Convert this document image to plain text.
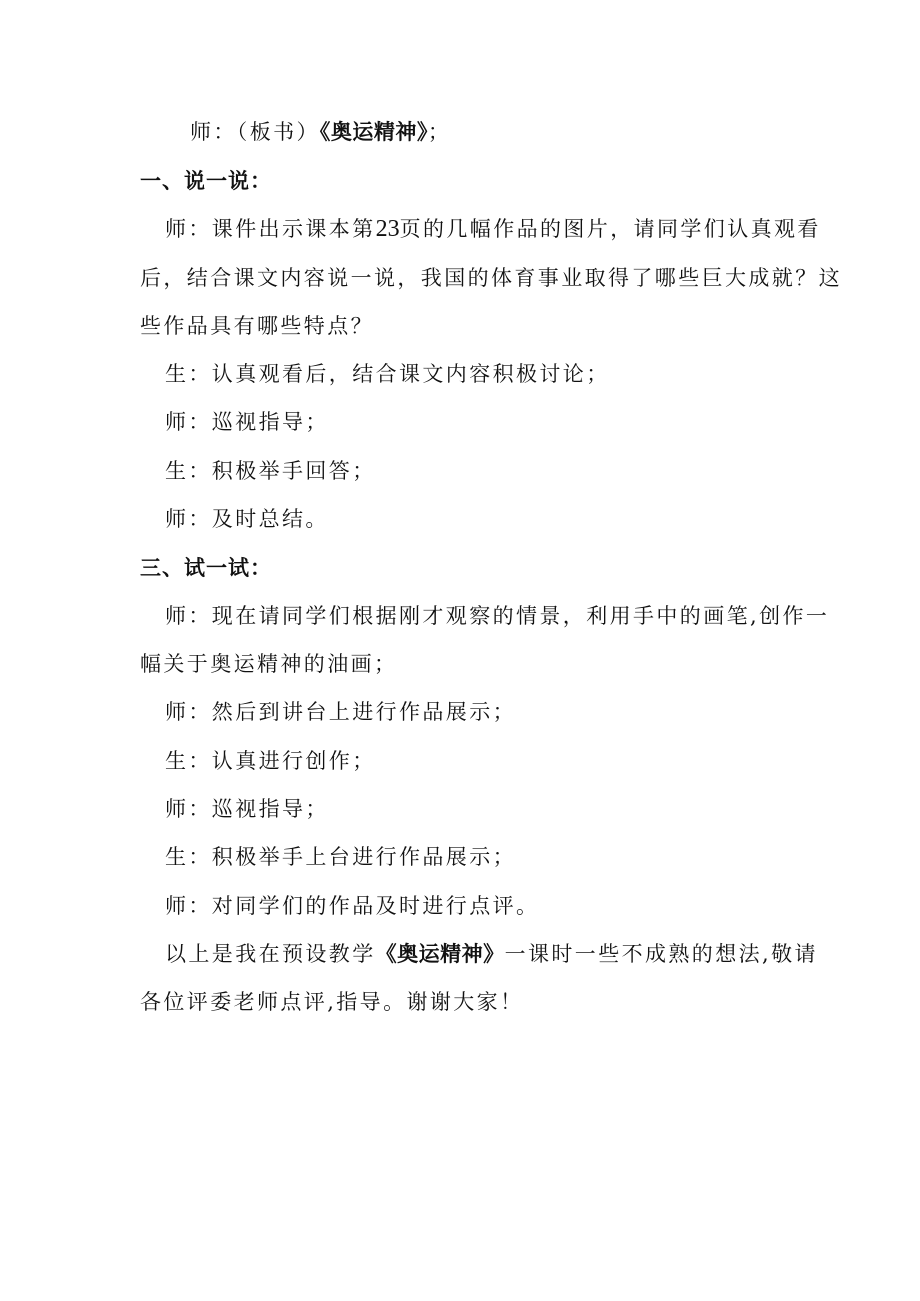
师：（板书）《奥运精神》；
一、说一说：
师：课件出示课本第23页的几幅作品的图片，请同学们认真观看
后，结合课文内容说一说，我国的体育事业取得了哪些巨大成就？这
些作品具有哪些特点？
生：认真观看后，结合课文内容积极讨论；
师：巡视指导；
生：积极举手回答；
师：及时总结。
三、试一试：
师：现在请同学们根据刚才观察的情景，利用手中的画笔,创作一
幅关于奥运精神的油画；
师：然后到讲台上进行作品展示；
生：认真进行创作；
师：巡视指导；
生：积极举手上台进行作品展示；
师：对同学们的作品及时进行点评。
以上是我在预设教学《奥运精神》一课时一些不成熟的想法,敬请
各位评委老师点评,指导。谢谢大家！
